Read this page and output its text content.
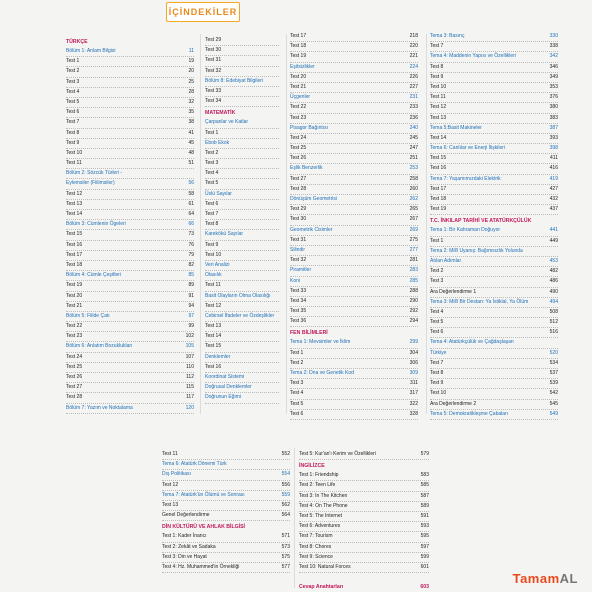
İÇİNDEKİLER
TÜRKÇE
Bölüm 1: Anlam Bilgisi	11
Test 1	19
Test 2	20
Test 3	25
Test 4	28
Test 5	32
Test 6	35
Test 7	38
Test 8	41
Test 9	45
Test 10	48
Test 11	51
Bölüm 2: Sözcük Türleri -
Eylemsiler (Fiilimsiler)	56
Test 12	58
Test 13	61
Test 14	64
Bölüm 3: Cümlenin Ögeleri	66
Test 15	73
Test 16	76
Test 17	79
Test 18	82
Bölüm 4: Cümle Çeşitleri	85
Test 19	89
Test 20	91
Test 21	94
Bölüm 5: Fiilde Çatı	97
Test 22	99
Test 23	102
Bölüm 6: Anlatım Bozuklukları	105
Test 24	107
Test 25	110
Test 26	112
Test 27	115
Test 28	117
Bölüm 7: Yazım ve Noktalama	120
Test 29
Test 30
Test 31
Test 32
Bölüm 8: Edebiyat Bilgileri
Test 33
Test 34
MATEMATİK
Çarpanlar ve Katlar
Test 1
Ebob Ekok
Test 2
Test 3
Test 4
Test 5
Üslü Sayılar
Test 6
Test 7
Test 8
Karekökü Sayılar
Test 9
Test 10
Veri Analizi
Olasılık
Test 11
Basit Olayların Olma Olasılığı
Test 12
Cebirsel İfadeler ve Özdeşlikler
Test 13
Test 14
Test 15
Denklemler
Test 16
Koordinat Sistemi
Doğrusal Denklemler
Doğrunun Eğimi
Test 17	218
Test 18	220
Test 19	221
Eşitsizlikler	224
Test 20	226
Test 21	227
Üçgenler	231
Test 22	233
Test 23	236
Pisagor Bağıntısı	240
Test 24	245
Test 25	247
Test 26	251
Eşlik Benzerlik	253
Test 27	258
Test 28	260
Dönüşüm Geometrisi	262
Test 29	265
Test 30	267
Geometrik Cisimler	269
Test 31	275
Silindir	277
Test 32	281
Piramitler	283
Koni	285
Test 33	288
Test 34	290
Test 35	292
Test 36	294
FEN BİLİMLERİ
Tema 1: Mevsimler ve İklim	299
Test 1	304
Test 2	306
Tema 2: Dna ve Genetik Kod	309
Test 3	311
Test 4	317
Test 5	322
Test 6	328
Tema 3: Basınç	330
Test 7	338
Tema 4: Maddenin Yapısı ve Özellikleri	342
Test 8	346
Test 9	349
Test 10	353
Test 11	376
Test 12	380
Test 13	383
Tema 5:Basit Makineler	387
Test 14	393
Tema 6: Canlılar ve Enerji İlişkileri	398
Test 15	411
Test 16	416
Tema 7: Yaşamımızdaki Elektrik	419
Test 17	427
Test 18	432
Test 19	437
T.C. İNKILAP TARİHİ VE ATATÜRKÇÜLÜK
Tema 1: Bir Kahraman Doğuyor	441
Test 1	449
Tema 2: Millî Uyanış: Bağımsızlık Yolunda
Atılan Adımlar	453
Test 2	482
Test 3	486
Ara Değerlendirme 1	490
Tema 3: Millî Bir Destan: Ya İstiklal, Ya Ölüm	494
Test 4	508
Test 5	512
Test 6	516
Tema 4: Atatürkçülük ve Çağdaşlaşan
Türkiye	520
Test 7	534
Test 8	537
Test 9	539
Test 10	542
Ara Değerlendirme 2	545
Tema 5: Demokratikleşme Çabaları	549
Test 11	552
Tema 6: Atatürk Dönemi Türk
Dış Politikası	554
Test 12	556
Tema 7: Atatürk'ün Ölümü ve Sonrası	559
Test 13	562
Genel Değerlendirme	564
DİN KÜLTÜRÜ VE AHLAK BİLGİSİ
Test 1: Kader İnancı	571
Test 2: Zekât ve Sadaka	573
Test 3: Din ve Hayat	575
Test 4: Hz. Muhammed'in Örnekliği	577
Test 5: Kur'an'ı Kerim ve Özellikleri	579
İNGİLİZCE
Test 1: Friendship	583
Test 2: Teen Life	585
Test 3: In The Kitchen	587
Test 4: On The Phone	589
Test 5: The Internet	591
Test 6: Adventures	593
Test 7: Tourism	595
Test 8: Chores	597
Test 9: Science	599
Test 10: Natural Forces	601
Cevap Anahtarları	603
TamamAL
